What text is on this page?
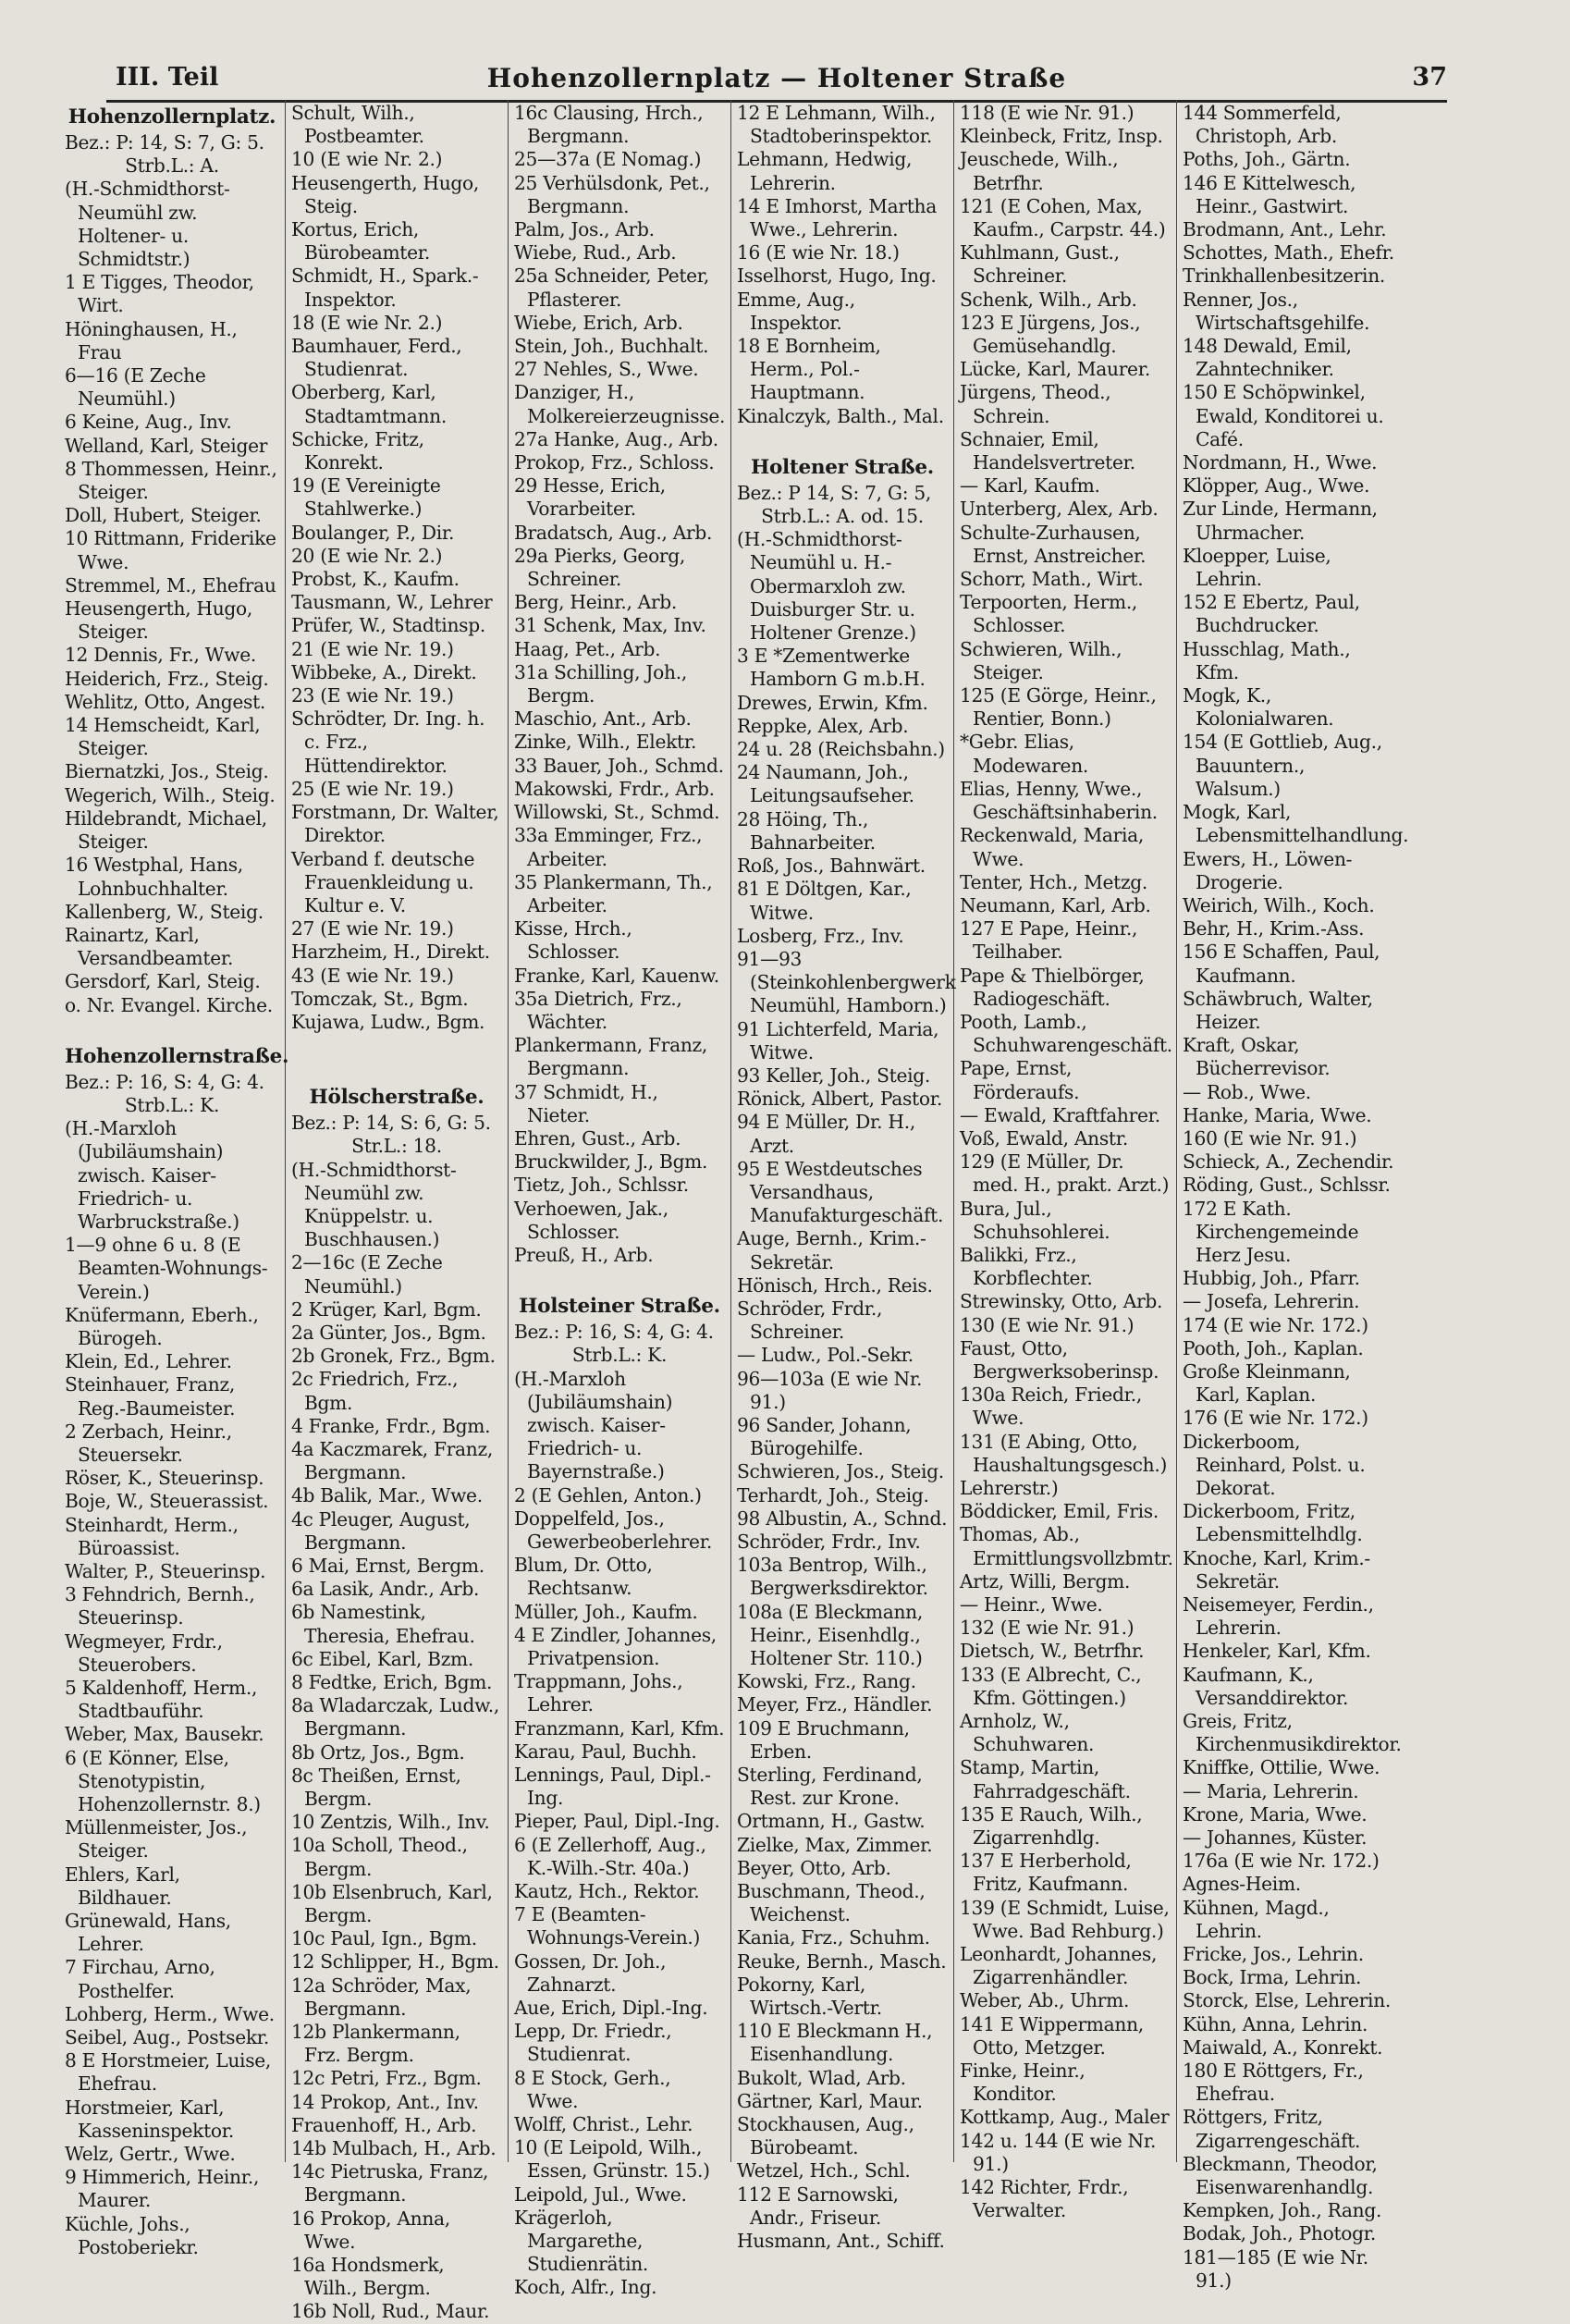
III. Teil	Hohenzollernplatz — Holtener Straße	37
Hohenzollernplatz.
Bez.: P: 14, S: 7, G: 5.
Strb.L.: A.
(H.-Schmidthorst-Neumühl zw. Holtener- u. Schmidtstr.)
1 E Tigges, Theodor, Wirt.
Höninghausen, H., Frau
6—16 (E Zeche Neumühl.)
6 Keine, Aug., Inv.
Welland, Karl, Steiger
8 Thommessen, Heinr., Steiger.
Doll, Hubert, Steiger.
10 Rittmann, Friderike Wwe.
Stremmel, M., Ehefrau
Heusengerth, Hugo, Steiger.
12 Dennis, Fr., Wwe.
Heiderich, Frz., Steig.
Wehlitz, Otto, Angest.
14 Hemscheidt, Karl, Steiger.
Biernatzki, Jos., Steig.
Wegerich, Wilh., Steig.
Hildebrandt, Michael, Steiger.
16 Westphal, Hans, Lohnbuchhalter.
Kallenberg, W., Steig.
Rainartz, Karl, Versandbeamter.
Gersdorf, Karl, Steig.
o. Nr. Evangel. Kirche.
Hohenzollernstraße.
Bez.: P: 16, S: 4, G: 4.
Strb.L.: K.
(H.-Marxloh (Jubiläumshain) zwisch. Kaiser-Friedrich- u. Warbruckstraße.)
1—9 ohne 6 u. 8 (E Beamten-Wohnungs-Verein.)
Knüfermann, Eberh., Bürogeh.
Klein, Ed., Lehrer.
Steinhauer, Franz, Reg.-Baumeister.
2 Zerbach, Heinr., Steuersekr.
Röser, K., Steuerinsp.
Boje, W., Steuerassist.
Steinhardt, Herm., Büroassist.
Walter, P., Steuerinsp.
3 Fehndrich, Bernh., Steuerinsp.
Wegmeyer, Frdr., Steuerobers.
5 Kaldenhoff, Herm., Stadtbauführ.
Weber, Max, Bausekr.
6 (E Könner, Else, Stenotypistin, Hohenzollernstr. 8.)
Müllenmeister, Jos., Steiger.
Ehlers, Karl, Bildhauer.
Grünewald, Hans, Lehrer.
7 Firchau, Arno, Posthelfer.
Lohberg, Herm., Wwe.
Seibel, Aug., Postsekr.
8 E Horstmeier, Luise, Ehefrau.
Horstmeier, Karl, Kasseninspektor.
Welz, Gertr., Wwe.
9 Himmerich, Heinr., Maurer.
Küchle, Johs., Postoberiekr.
Schult, Wilh., Postbeamter.
10 (E wie Nr. 2.)
Heusengerth, Hugo, Steig.
Kortus, Erich, Bürobeamter.
Schmidt, H., Spark.-Inspektor.
18 (E wie Nr. 2.)
Baumhauer, Ferd., Studienrat.
Oberberg, Karl, Stadtamtmann.
Schicke, Fritz, Konrekt.
19 (E Vereinigte Stahlwerke.)
Boulanger, P., Dir.
20 (E wie Nr. 2.)
Probst, K., Kaufm.
Tausmann, W., Lehrer
Prüfer, W., Stadtinsp.
21 (E wie Nr. 19.)
Wibbeke, A., Direkt.
23 (E wie Nr. 19.)
Schrödter, Dr. Ing. h. c. Frz., Hüttendirektor.
25 (E wie Nr. 19.)
Forstmann, Dr. Walter, Direktor.
Verband f. deutsche Frauenkleidung u. Kultur e. V.
27 (E wie Nr. 19.)
Harzheim, H., Direkt.
43 (E wie Nr. 19.)
Tomczak, St., Bgm.
Kujawa, Ludw., Bgm.
Hölscherstraße.
Bez.: P: 14, S: 6, G: 5.
Str.L.: 18.
(H.-Schmidthorst-Neumühl zw. Knüppelstr. u. Buschhausen.)
2—16c (E Zeche Neumühl.)
2 Krüger, Karl, Bgm.
2a Günter, Jos., Bgm.
2b Gronek, Frz., Bgm.
2c Friedrich, Frz., Bgm.
4 Franke, Frdr., Bgm.
4a Kaczmarek, Franz, Bergmann.
4b Balik, Mar., Wwe.
4c Pleuger, August, Bergmann.
6 Mai, Ernst, Bergm.
6a Lasik, Andr., Arb.
6b Namestink, Theresia, Ehefrau.
6c Eibel, Karl, Bzm.
8 Fedtke, Erich, Bgm.
8a Wladarczak, Ludw., Bergmann.
8b Ortz, Jos., Bgm.
8c Theißen, Ernst, Bergm.
10 Zentzis, Wilh., Inv.
10a Scholl, Theod., Bergm.
10b Elsenbruch, Karl, Bergm.
10c Paul, Ign., Bgm.
12 Schlipper, H., Bgm.
12a Schröder, Max, Bergmann.
12b Plankermann, Frz. Bergm.
12c Petri, Frz., Bgm.
14 Prokop, Ant., Inv.
Frauenhoff, H., Arb.
14b Mulbach, H., Arb.
14c Pietruska, Franz, Bergmann.
16 Prokop, Anna, Wwe.
16a Hondsmerk, Wilh., Bergm.
16b Noll, Rud., Maur.
16c Clausing, Hrch., Bergmann.
25—37a (E Nomag.)
25 Verhülsdonk, Pet., Bergmann.
Palm, Jos., Arb.
Wiebe, Rud., Arb.
25a Schneider, Peter, Pflasterer.
Wiebe, Erich, Arb.
Stein, Joh., Buchhalt.
27 Nehles, S., Wwe.
Danziger, H., Molkereierzeugnisse.
27a Hanke, Aug., Arb.
Prokop, Frz., Schloss.
29 Hesse, Erich, Vorarbeiter.
Bradatsch, Aug., Arb.
29a Pierks, Georg, Schreiner.
Berg, Heinr., Arb.
31 Schenk, Max, Inv.
Haag, Pet., Arb.
31a Schilling, Joh., Bergm.
Maschio, Ant., Arb.
Zinke, Wilh., Elektr.
33 Bauer, Joh., Schmd.
Makowski, Frdr., Arb.
Willowski, St., Schmd.
33a Emminger, Frz., Arbeiter.
35 Plankermann, Th., Arbeiter.
Kisse, Hrch., Schlosser.
Franke, Karl, Kauenw.
35a Dietrich, Frz., Wächter.
Plankermann, Franz, Bergmann.
37 Schmidt, H., Nieter.
Ehren, Gust., Arb.
Bruckwilder, J., Bgm.
Tietz, Joh., Schlssr.
Verhoewen, Jak., Schlosser.
Preuß, H., Arb.
Holsteiner Straße.
Bez.: P: 16, S: 4, G: 4.
Strb.L.: K.
(H.-Marxloh (Jubiläumshain) zwisch. Kaiser-Friedrich- u. Bayernstraße.)
2 (E Gehlen, Anton.)
Doppelfeld, Jos., Gewerbeoberlehrer.
Blum, Dr. Otto, Rechtsanw.
Müller, Joh., Kaufm.
4 E Zindler, Johannes, Privatpension.
Trappmann, Johs., Lehrer.
Franzmann, Karl, Kfm.
Karau, Paul, Buchh.
Lennings, Paul, Dipl.-Ing.
Pieper, Paul, Dipl.-Ing.
6 (E Zellerhoff, Aug., K.-Wilh.-Str. 40a.)
Kautz, Hch., Rektor.
7 E (Beamten-Wohnungs-Verein.)
Gossen, Dr. Joh., Zahnarzt.
Aue, Erich, Dipl.-Ing.
Lepp, Dr. Friedr., Studienrat.
8 E Stock, Gerh., Wwe.
Wolff, Christ., Lehr.
10 (E Leipold, Wilh., Essen, Grünstr. 15.)
Leipold, Jul., Wwe.
Krägerloh, Margarethe, Studienrätin.
Koch, Alfr., Ing.
12 E Lehmann, Wilh., Stadtoberinspektor.
Lehmann, Hedwig, Lehrerin.
14 E Imhorst, Martha Wwe., Lehrerin.
16 (E wie Nr. 18.)
Isselhorst, Hugo, Ing.
Emme, Aug., Inspektor.
18 E Bornheim, Herm., Pol.-Hauptmann.
Kinalczyk, Balth., Mal.
Holtener Straße.
Bez.: P 14, S: 7, G: 5,
Strb.L.: A. od. 15.
(H.-Schmidthorst-Neumühl u. H.-Obermarxloh zw. Duisburger Str. u. Holtener Grenze.)
3 E *Zementwerke Hamborn G m.b.H.
Drewes, Erwin, Kfm.
Reppke, Alex, Arb.
24 u. 28 (Reichsbahn.)
24 Naumann, Joh., Leitungsaufseher.
28 Höing, Th., Bahnarbeiter.
Roß, Jos., Bahnwärt.
81 E Döltgen, Kar., Witwe.
Losberg, Frz., Inv.
91—93 (Steinkohlenbergwerk Neumühl, Hamborn.)
91 Lichterfeld, Maria, Witwe.
93 Keller, Joh., Steig.
Rönick, Albert, Pastor.
94 E Müller, Dr. H., Arzt.
95 E Westdeutsches Versandhaus, Manufakturgeschäft.
Auge, Bernh., Krim.-Sekretär.
Hönisch, Hrch., Reis.
Schröder, Frdr., Schreiner.
— Ludw., Pol.-Sekr.
96—103a (E wie Nr. 91.)
96 Sander, Johann, Bürogehilfe.
Schwieren, Jos., Steig.
Terhardt, Joh., Steig.
98 Albustin, A., Schnd.
Schröder, Frdr., Inv.
103a Bentrop, Wilh., Bergwerksdirektor.
108a (E Bleckmann, Heinr., Eisenhdlg., Holtener Str. 110.)
Kowski, Frz., Rang.
Meyer, Frz., Händler.
109 E Bruchmann, Erben.
Sterling, Ferdinand, Rest. zur Krone.
Ortmann, H., Gastw.
Zielke, Max, Zimmer.
Beyer, Otto, Arb.
Buschmann, Theod., Weichenst.
Kania, Frz., Schuhm.
Reuke, Bernh., Masch.
Pokorny, Karl, Wirtsch.-Vertr.
110 E Bleckmann H., Eisenhandlung.
Bukolt, Wlad, Arb.
Gärtner, Karl, Maur.
Stockhausen, Aug., Bürobeamt.
Wetzel, Hch., Schl.
112 E Sarnowski, Andr., Friseur.
Husmann, Ant., Schiff.
118 (E wie Nr. 91.)
Kleinbeck, Fritz, Insp.
Jeuschede, Wilh., Betrfhr.
121 (E Cohen, Max, Kaufm., Carpstr. 44.)
Kuhlmann, Gust., Schreiner.
Schenk, Wilh., Arb.
123 E Jürgens, Jos., Gemüsehandlg.
Lücke, Karl, Maurer.
Jürgens, Theod., Schrein.
Schnaier, Emil, Handelsvertreter.
— Karl, Kaufm.
Unterberg, Alex, Arb.
Schulte-Zurhausen, Ernst, Anstreicher.
Schorr, Math., Wirt.
Terpoorten, Herm., Schlosser.
Schwieren, Wilh., Steiger.
125 (E Görge, Heinr., Rentier, Bonn.)
*Gebr. Elias, Modewaren.
Elias, Henny, Wwe., Geschäftsinhaberin.
Reckenwald, Maria, Wwe.
Tenter, Hch., Metzg.
Neumann, Karl, Arb.
127 E Pape, Heinr., Teilhaber.
Pape & Thielbörger, Radiogeschäft.
Pooth, Lamb., Schuhwarengeschäft.
Pape, Ernst, Förderaufs.
— Ewald, Kraftfahrer.
Voß, Ewald, Anstr.
129 (E Müller, Dr. med. H., prakt. Arzt.)
Bura, Jul., Schuhsohlerei.
Balikki, Frz., Korbflechter.
Strewinsky, Otto, Arb.
130 (E wie Nr. 91.)
Faust, Otto, Bergwerksoberinsp.
130a Reich, Friedr., Wwe.
131 (E Abing, Otto, Haushaltungsgesch.)
Lehrerstr.)
Böddicker, Emil, Fris.
Thomas, Ab., Ermittlungsvollzbmtr.
Artz, Willi, Bergm.
— Heinr., Wwe.
132 (E wie Nr. 91.)
Dietsch, W., Betrfhr.
133 (E Albrecht, C., Kfm. Göttingen.)
Arnholz, W., Schuhwaren.
Stamp, Martin, Fahrradgeschäft.
135 E Rauch, Wilh., Zigarrenhdlg.
137 E Herberhold, Fritz, Kaufmann.
139 (E Schmidt, Luise, Wwe. Bad Rehburg.)
Leonhardt, Johannes, Zigarrenhändler.
Weber, Ab., Uhrm.
141 E Wippermann, Otto, Metzger.
Finke, Heinr., Konditor.
Kottkamp, Aug., Maler
142 u. 144 (E wie Nr. 91.)
142 Richter, Frdr., Verwalter.
144 Sommerfeld, Christoph, Arb.
Poths, Joh., Gärtn.
146 E Kittelwesch, Heinr., Gastwirt.
Brodmann, Ant., Lehr.
Schottes, Math., Ehefr.
Trinkhallenbesitzerin.
Renner, Jos., Wirtschaftsgehilfe.
148 Dewald, Emil, Zahntechniker.
150 E Schöpwinkel, Ewald, Konditorei u. Café.
Nordmann, H., Wwe.
Klöpper, Aug., Wwe.
Zur Linde, Hermann, Uhrmacher.
Kloepper, Luise, Lehrin.
152 E Ebertz, Paul, Buchdrucker.
Husschlag, Math., Kfm.
Mogk, K., Kolonialwaren.
154 (E Gottlieb, Aug., Bauuntern., Walsum.)
Mogk, Karl, Lebensmittelhandlung.
Ewers, H., Löwen-Drogerie.
Weirich, Wilh., Koch.
Behr, H., Krim.-Ass.
156 E Schaffen, Paul, Kaufmann.
Schäwbruch, Walter, Heizer.
Kraft, Oskar, Bücherrevisor.
— Rob., Wwe.
Hanke, Maria, Wwe.
160 (E wie Nr. 91.)
Schieck, A., Zechendir.
Röding, Gust., Schlssr.
172 E Kath. Kirchengemeinde Herz Jesu.
Hubbig, Joh., Pfarr.
— Josefa, Lehrerin.
174 (E wie Nr. 172.)
Pooth, Joh., Kaplan.
Große Kleinmann, Karl, Kaplan.
176 (E wie Nr. 172.)
Dickerboom, Reinhard, Polst. u. Dekorat.
Dickerboom, Fritz, Lebensmittelhdlg.
Knoche, Karl, Krim.-Sekretär.
Neisemeyer, Ferdin., Lehrerin.
Henkeler, Karl, Kfm.
Kaufmann, K., Versanddirektor.
Greis, Fritz, Kirchenmusikdirektor.
Kniffke, Ottilie, Wwe.
— Maria, Lehrerin.
Krone, Maria, Wwe.
— Johannes, Küster.
176a (E wie Nr. 172.)
Agnes-Heim.
Kühnen, Magd., Lehrin.
Fricke, Jos., Lehrin.
Bock, Irma, Lehrin.
Storck, Else, Lehrerin.
Kühn, Anna, Lehrin.
Maiwald, A., Konrekt.
180 E Röttgers, Fr., Ehefrau.
Röttgers, Fritz, Zigarrengeschäft.
Bleckmann, Theodor, Eisenwarenhandlg.
Kempken, Joh., Rang.
Bodak, Joh., Photogr.
181—185 (E wie Nr. 91.)
